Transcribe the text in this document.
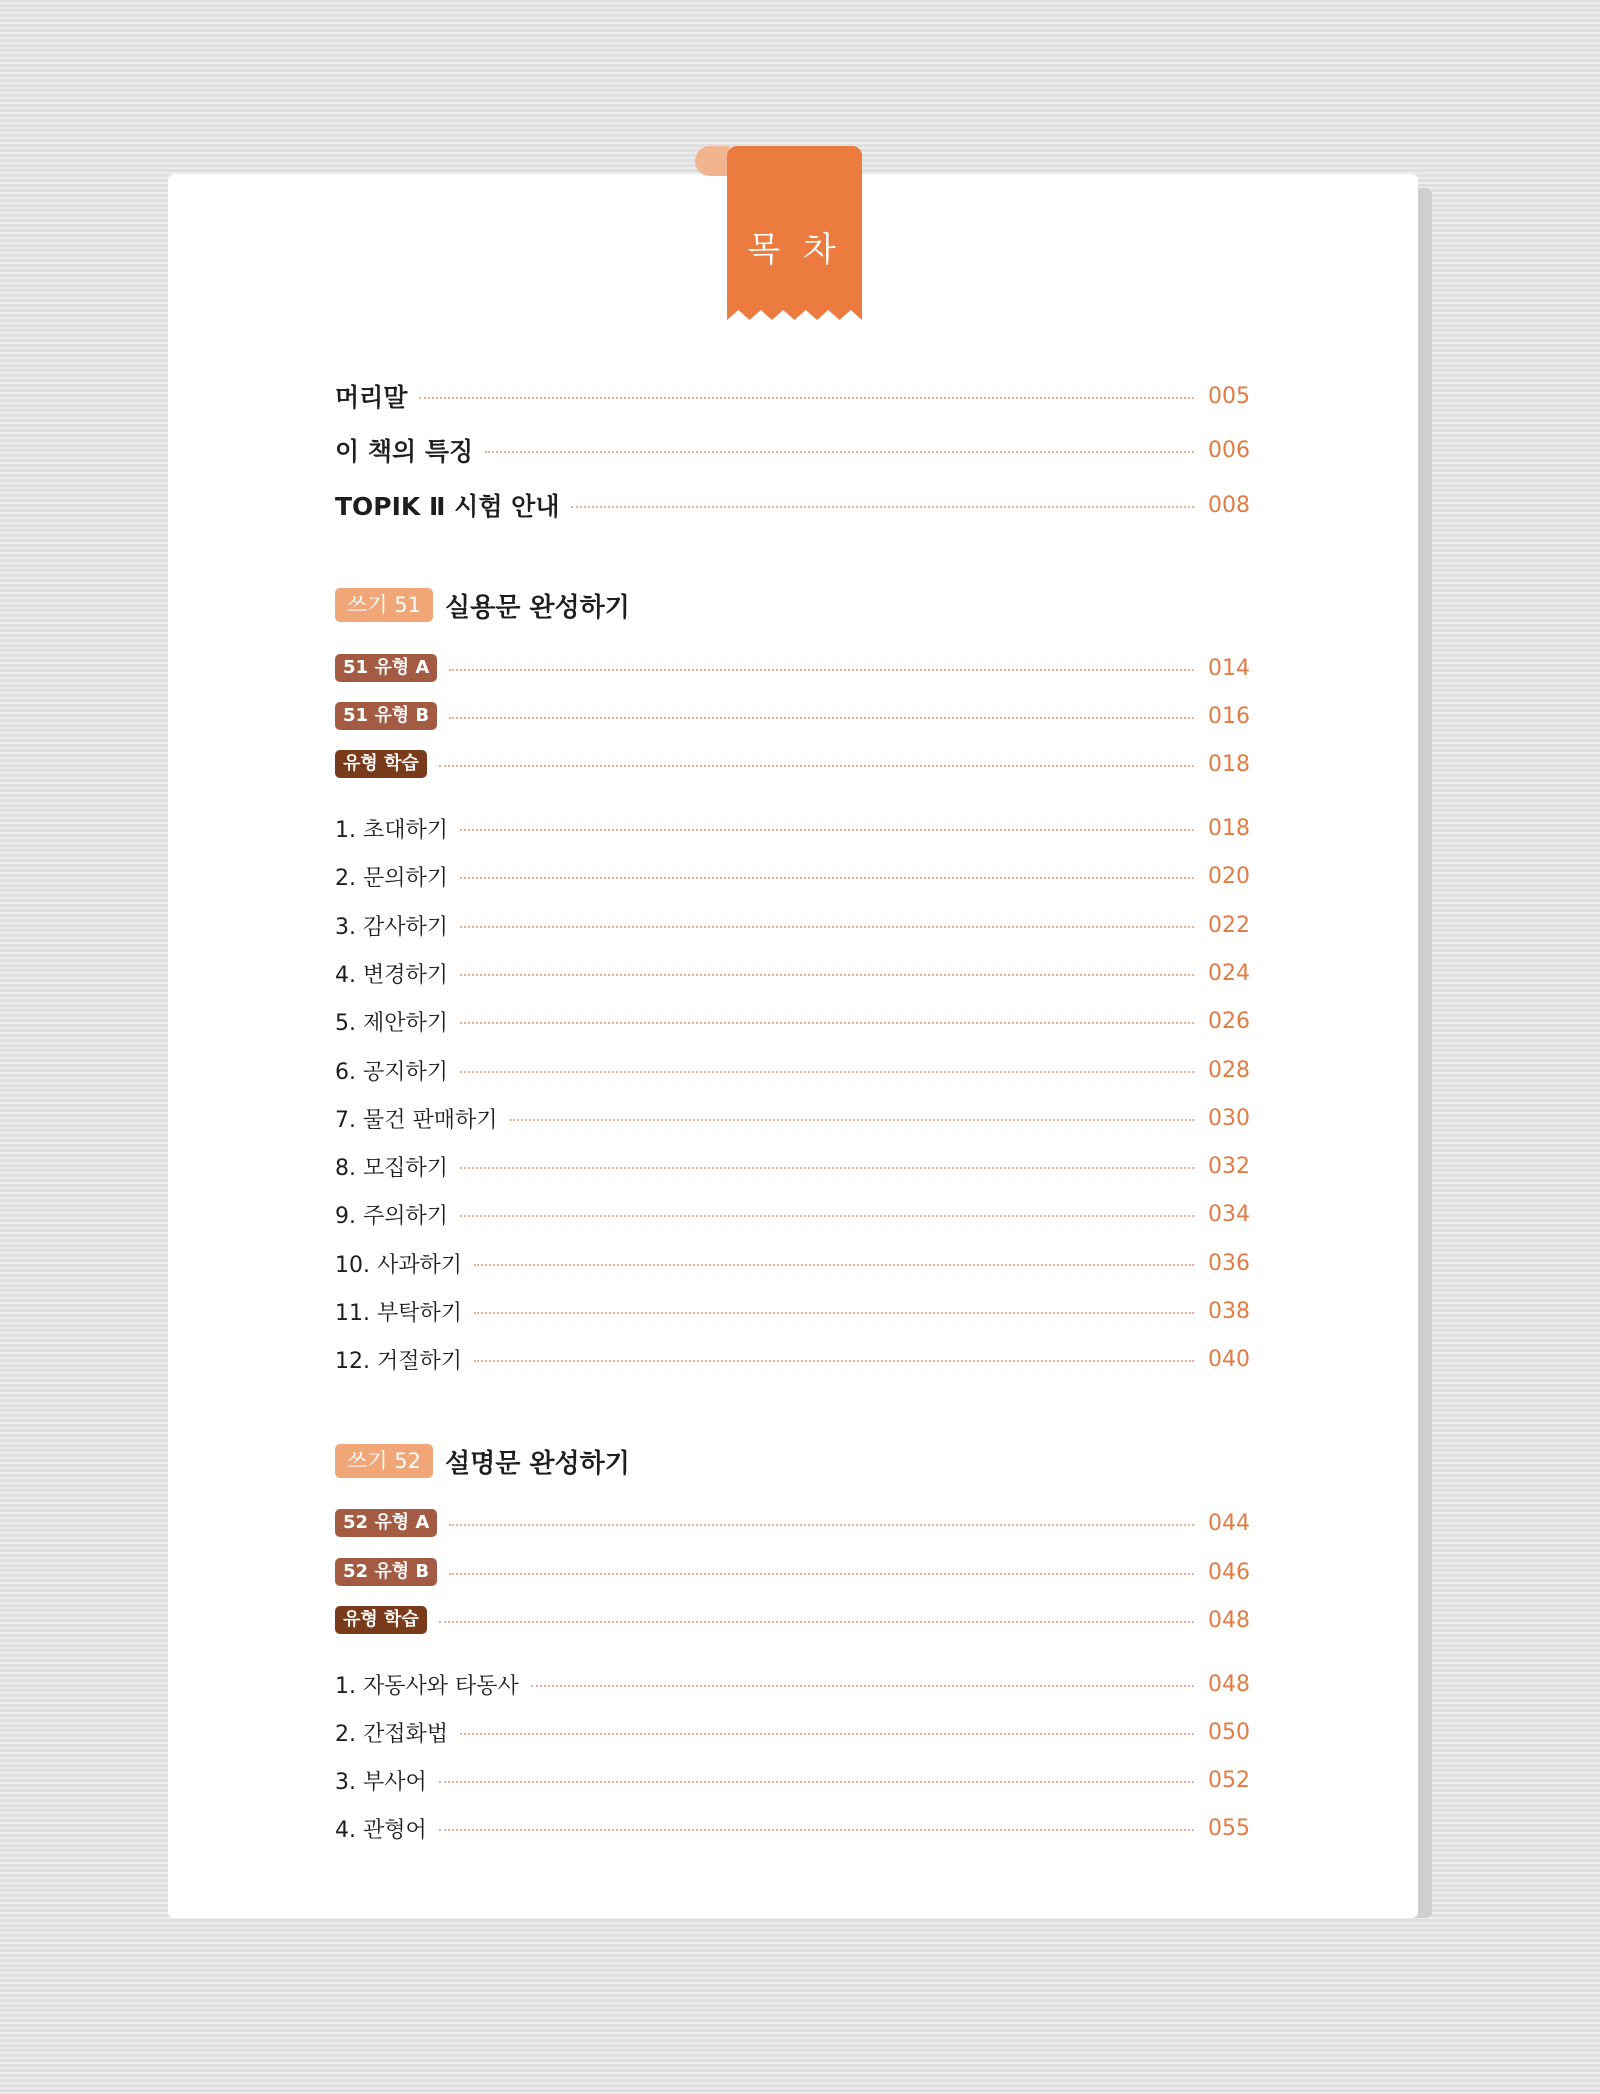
목 차
머리말	005
이 책의 특징	006
TOPIK Ⅱ 시험 안내	008
쓰기 51 실용문 완성하기
51 유형 A	014
51 유형 B	016
유형 학습	018
1. 초대하기	018
2. 문의하기	020
3. 감사하기	022
4. 변경하기	024
5. 제안하기	026
6. 공지하기	028
7. 물건 판매하기	030
8. 모집하기	032
9. 주의하기	034
10. 사과하기	036
11. 부탁하기	038
12. 거절하기	040
쓰기 52 설명문 완성하기
52 유형 A	044
52 유형 B	046
유형 학습	048
1. 자동사와 타동사	048
2. 간접화법	050
3. 부사어	052
4. 관형어	055
